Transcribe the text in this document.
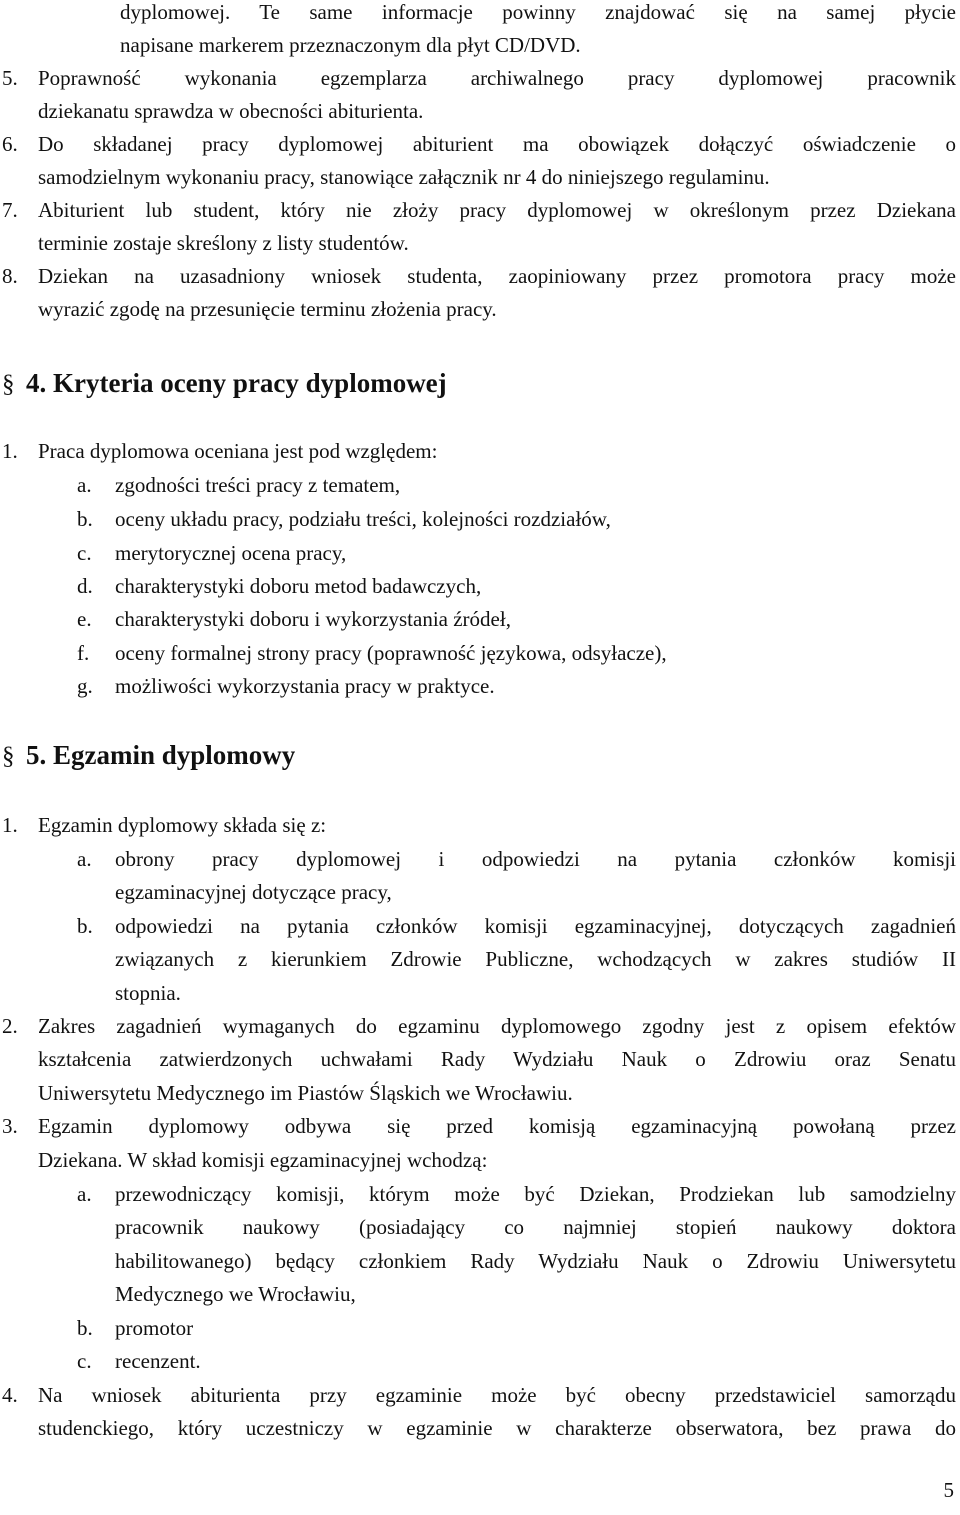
dyplomowej. Te same informacje powinny znajdować się na samej płycie
napisane markerem przeznaczonym dla płyt CD/DVD.
5. Poprawność wykonania egzemplarza archiwalnego pracy dyplomowej pracownik
dziekanatu sprawdza w obecności abiturienta.
6. Do składanej pracy dyplomowej abiturient ma obowiązek dołączyć oświadczenie o
samodzielnym wykonaniu pracy, stanowiące załącznik nr 4 do niniejszego regulaminu.
7. Abiturient lub student, który nie złoży pracy dyplomowej w określonym przez Dziekana
terminie zostaje skreślony z listy studentów.
8. Dziekan na uzasadniony wniosek studenta, zaopiniowany przez promotora pracy może
wyrazić zgodę na przesunięcie terminu złożenia pracy.
§ 4. Kryteria oceny pracy dyplomowej
1. Praca dyplomowa oceniana jest pod względem:
a.	zgodności treści pracy z tematem,
b.	oceny układu pracy, podziału treści, kolejności rozdziałów,
c.	merytorycznej ocena pracy,
d.	charakterystyki doboru metod badawczych,
e.	charakterystyki doboru i wykorzystania źródeł,
f.	oceny formalnej strony pracy (poprawność językowa, odsyłacze),
g.	możliwości wykorzystania pracy w praktyce.
§ 5. Egzamin dyplomowy
1. Egzamin dyplomowy składa się z:
a.	obrony pracy dyplomowej i odpowiedzi na pytania członków komisji
egzaminacyjnej dotyczące pracy,
b.	odpowiedzi na pytania członków komisji egzaminacyjnej, dotyczących zagadnień
związanych z kierunkiem Zdrowie Publiczne, wchodzących w zakres studiów II
stopnia.
2. Zakres zagadnień wymaganych do egzaminu dyplomowego zgodny jest z opisem efektów
kształcenia zatwierdzonych uchwałami Rady Wydziału Nauk o Zdrowiu oraz Senatu
Uniwersytetu Medycznego im Piastów Śląskich we Wrocławiu.
3. Egzamin dyplomowy odbywa się przed komisją egzaminacyjną powołaną przez
Dziekana. W skład komisji egzaminacyjnej wchodzą:
a.	przewodniczący komisji, którym może być Dziekan, Prodziekan lub samodzielny
pracownik naukowy (posiadający co najmniej stopień naukowy doktora
habilitowanego) będący członkiem Rady Wydziału Nauk o Zdrowiu Uniwersytetu
Medycznego we Wrocławiu,
b.	promotor
c.	recenzent.
4. Na wniosek abiturienta przy egzaminie może być obecny przedstawiciel samorządu
studenckiego, który uczestniczy w egzaminie w charakterze obserwatora, bez prawa do
5
